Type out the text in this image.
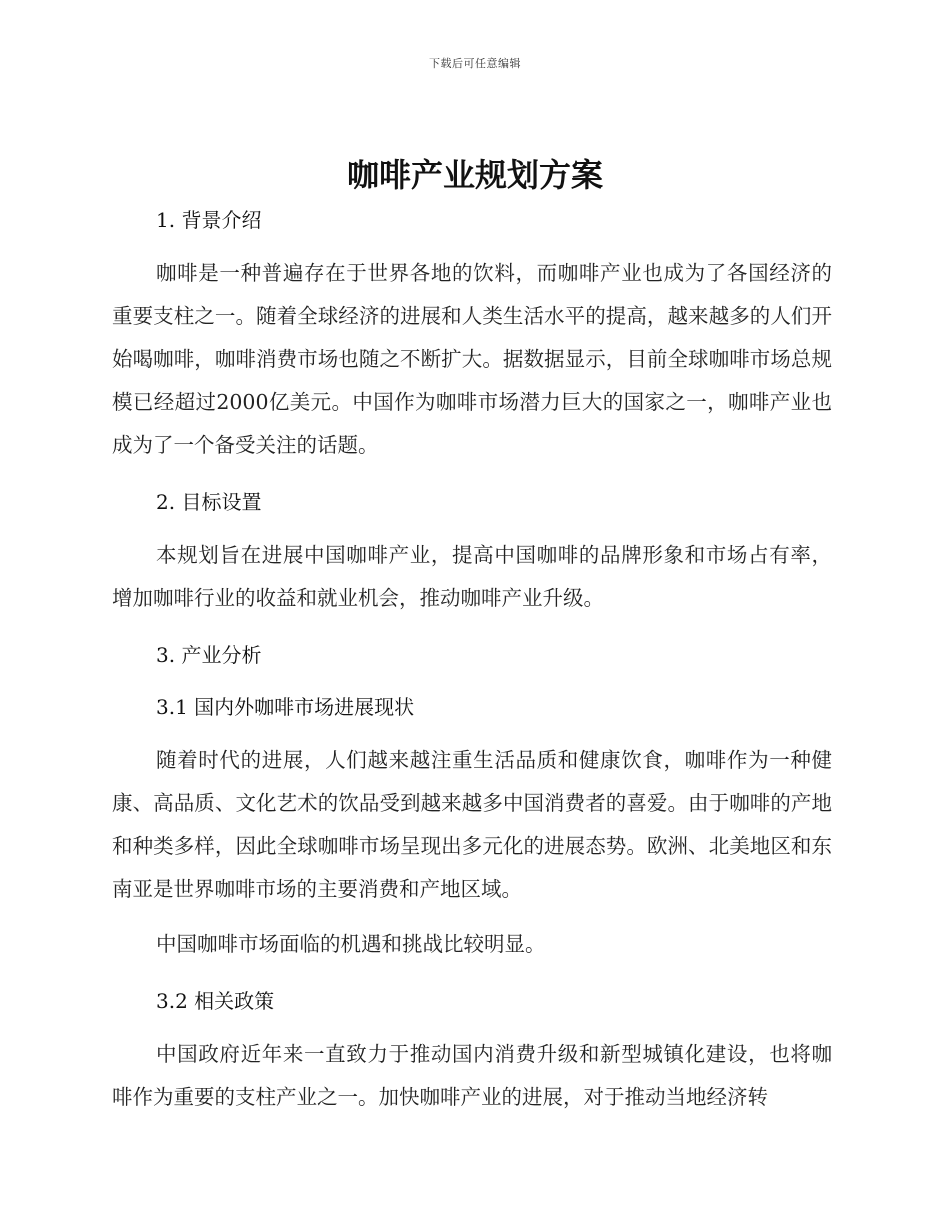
下载后可任意编辑
咖啡产业规划方案
1. 背景介绍

咖啡是一种普遍存在于世界各地的饮料，而咖啡产业也成为了各国经济的重要支柱之一。随着全球经济的进展和人类生活水平的提高，越来越多的人们开始喝咖啡，咖啡消费市场也随之不断扩大。据数据显示，目前全球咖啡市场总规模已经超过2000亿美元。中国作为咖啡市场潜力巨大的国家之一，咖啡产业也成为了一个备受关注的话题。

2. 目标设置

本规划旨在进展中国咖啡产业，提高中国咖啡的品牌形象和市场占有率，增加咖啡行业的收益和就业机会，推动咖啡产业升级。

3. 产业分析
3.1 国内外咖啡市场进展现状

随着时代的进展，人们越来越注重生活品质和健康饮食，咖啡作为一种健康、高品质、文化艺术的饮品受到越来越多中国消费者的喜爱。由于咖啡的产地和种类多样，因此全球咖啡市场呈现出多元化的进展态势。欧洲、北美地区和东南亚是世界咖啡市场的主要消费和产地区域。

中国咖啡市场面临的机遇和挑战比较明显。

3.2 相关政策

中国政府近年来一直致力于推动国内消费升级和新型城镇化建设，也将咖啡作为重要的支柱产业之一。加快咖啡产业的进展，对于推动当地经济转
